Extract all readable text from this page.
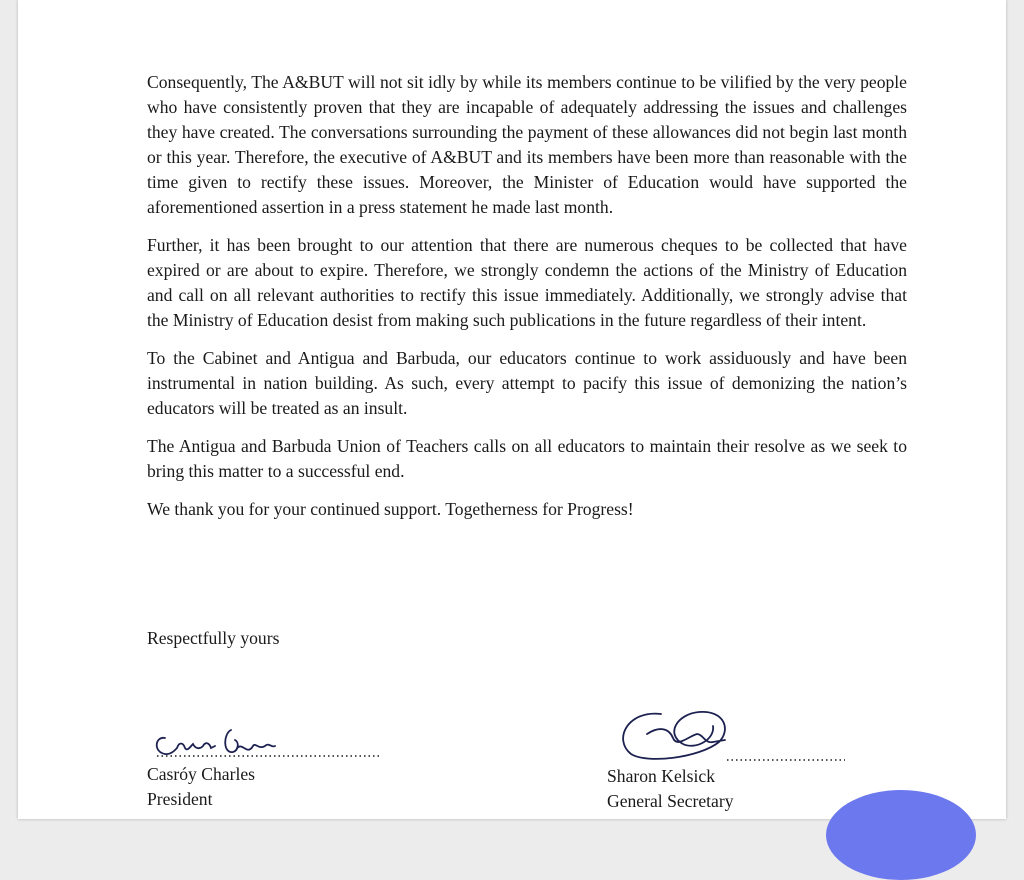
Consequently, The A&BUT will not sit idly by while its members continue to be vilified by the very people who have consistently proven that they are incapable of adequately addressing the issues and challenges they have created. The conversations surrounding the payment of these allowances did not begin last month or this year. Therefore, the executive of A&BUT and its members have been more than reasonable with the time given to rectify these issues. Moreover, the Minister of Education would have supported the aforementioned assertion in a press statement he made last month.

Further, it has been brought to our attention that there are numerous cheques to be collected that have expired or are about to expire. Therefore, we strongly condemn the actions of the Ministry of Education and call on all relevant authorities to rectify this issue immediately. Additionally, we strongly advise that the Ministry of Education desist from making such publications in the future regardless of their intent.

To the Cabinet and Antigua and Barbuda, our educators continue to work assiduously and have been instrumental in nation building. As such, every attempt to pacify this issue of demonizing the nation’s educators will be treated as an insult.

The Antigua and Barbuda Union of Teachers calls on all educators to maintain their resolve as we seek to bring this matter to a successful end.

We thank you for your continued support. Togetherness for Progress!

Respectfully yours
Casróy Charles
President
Sharon Kelsick
General Secretary
